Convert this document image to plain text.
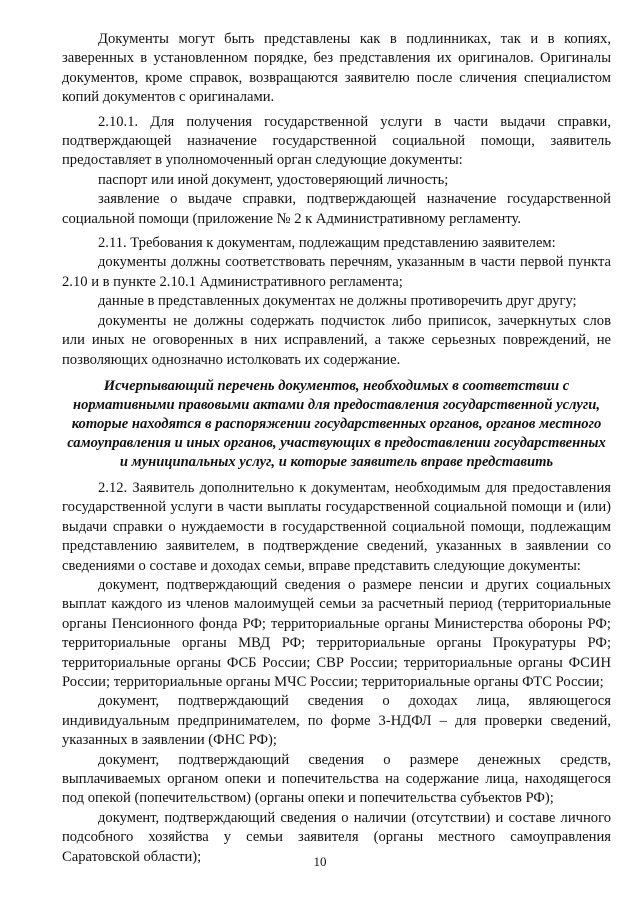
Документы могут быть представлены как в подлинниках, так и в копиях, заверенных в установленном порядке, без представления их оригиналов. Оригиналы документов, кроме справок, возвращаются заявителю после сличения специалистом копий документов с оригиналами.

2.10.1. Для получения государственной услуги в части выдачи справки, подтверждающей назначение государственной социальной помощи, заявитель предоставляет в уполномоченный орган следующие документы:

паспорт или иной документ, удостоверяющий личность;

заявление о выдаче справки, подтверждающей назначение государственной социальной помощи (приложение № 2 к Административному регламенту.

2.11. Требования к документам, подлежащим представлению заявителем:

документы должны соответствовать перечням, указанным в части первой пункта 2.10 и в пункте 2.10.1 Административного регламента;

данные в представленных документах не должны противоречить друг другу;

документы не должны содержать подчисток либо приписок, зачеркнутых слов или иных не оговоренных в них исправлений, а также серьезных повреждений, не позволяющих однозначно истолковать их содержание.

Исчерпывающий перечень документов, необходимых в соответствии с нормативными правовыми актами для предоставления государственной услуги, которые находятся в распоряжении государственных органов, органов местного самоуправления и иных органов, участвующих в предоставлении государственных и муниципальных услуг, и которые заявитель вправе представить

2.12. Заявитель дополнительно к документам, необходимым для предоставления государственной услуги в части выплаты государственной социальной помощи и (или) выдачи справки о нуждаемости в государственной социальной помощи, подлежащим представлению заявителем, в подтверждение сведений, указанных в заявлении со сведениями о составе и доходах семьи, вправе представить следующие документы:

документ, подтверждающий сведения о размере пенсии и других социальных выплат каждого из членов малоимущей семьи за расчетный период (территориальные органы Пенсионного фонда РФ; территориальные органы Министерства обороны РФ; территориальные органы МВД РФ; территориальные органы Прокуратуры РФ; территориальные органы ФСБ России; СВР России; территориальные органы ФСИН России; территориальные органы МЧС России; территориальные органы ФТС России;

документ, подтверждающий сведения о доходах лица, являющегося индивидуальным предпринимателем, по форме 3-НДФЛ – для проверки сведений, указанных в заявлении (ФНС РФ);

документ, подтверждающий сведения о размере денежных средств, выплачиваемых органом опеки и попечительства на содержание лица, находящегося под опекой (попечительством) (органы опеки и попечительства субъектов РФ);

документ, подтверждающий сведения о наличии (отсутствии) и составе личного подсобного хозяйства у семьи заявителя (органы местного самоуправления Саратовской области);	10
